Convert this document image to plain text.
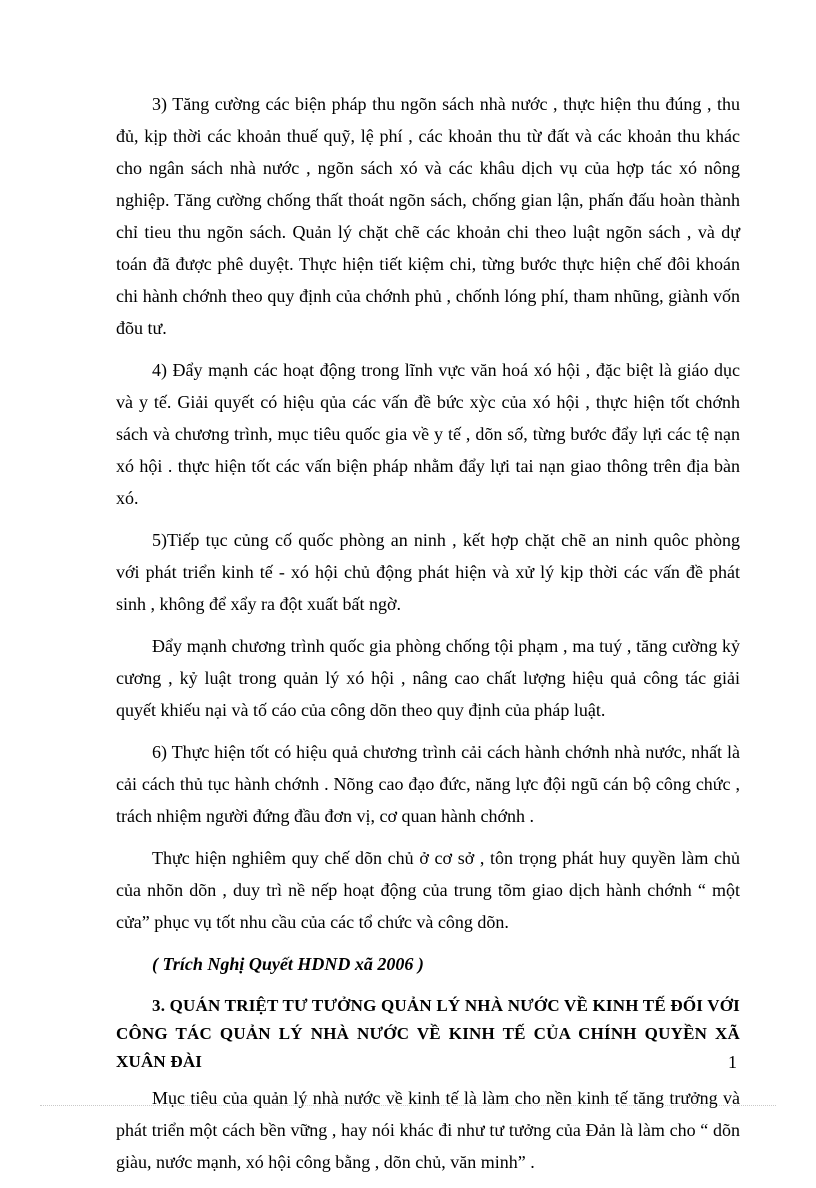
3) Tăng cường các biện pháp thu ngõn sách nhà nước , thực hiện thu đúng , thu đủ, kịp thời các khoản thuế quỹ, lệ phí , các khoản thu từ đất và các khoản thu khác cho ngân sách nhà nước , ngõn sách xó và các khâu dịch vụ của hợp tác xó nông nghiệp. Tăng cường chống thất thoát ngõn sách, chống gian lận, phấn đấu hoàn thành chỉ tieu thu ngõn sách. Quản lý chặt chẽ các khoản chi theo luật ngõn sách , và dự toán đã được phê duyệt. Thực hiện tiết kiệm chi, từng bước thực hiện chế đôi khoán chi hành chớnh theo quy định của chớnh phủ , chốnh lóng phí, tham nhũng, giành vốn đõu tư.

4) Đẩy mạnh các hoạt động trong lĩnh vực văn hoá xó hội , đặc biệt là giáo dục và y tế. Giải quyết có hiệu qủa các vấn đề bức xỳc của xó hội , thực hiện tốt chớnh sách và chương trình, mục tiêu quốc gia về y tế , dõn số, từng bước đẩy lựi các tệ nạn xó hội . thực hiện tốt các vấn biện pháp nhằm đẩy lựi tai nạn giao thông trên địa bàn xó.

5)Tiếp tục củng cố quốc phòng an ninh , kết hợp chặt chẽ an ninh quôc phòng với phát triển kinh tế - xó hội chủ động phát hiện và xử lý kịp thời các vấn đề phát sinh , không để xẩy ra đột xuất bất ngờ.

Đẩy mạnh chương trình quốc gia phòng chống tội phạm , ma tuý , tăng cường kỷ cương , kỷ luật trong quản lý xó hội , nâng cao chất lượng hiệu quả công tác giải quyết khiếu nại và tố cáo của công dõn theo quy định của pháp luật.

6) Thực hiện tốt có hiệu quả chương trình cải cách hành chớnh nhà nước, nhất là cải cách thủ tục hành chớnh . Nõng cao đạo đức, năng lực đội ngũ cán bộ công chức , trách nhiệm người đứng đầu đơn vị, cơ quan hành chớnh .

Thực hiện nghiêm quy chế dõn chủ ở cơ sở , tôn trọng phát huy quyền làm chủ của nhõn dõn , duy trì nề nếp hoạt động của trung tõm giao dịch hành chớnh “ một cửa” phục vụ tốt nhu cầu của các tổ chức và công dõn.

( Trích Nghị Quyết HDND xã 2006 )

3. QUÁN TRIỆT TƯ TƯỞNG QUẢN LÝ NHÀ NƯỚC VỀ KINH TẾ ĐỐI VỚI CÔNG TÁC QUẢN LÝ NHÀ NƯỚC VỀ KINH TẾ CỦA CHÍNH QUYỀN XÃ XUÂN ĐÀI

Mục tiêu của quản lý nhà nước về kinh tế là làm cho nền kinh tế tăng trưởng và phát triển một cách bền vững , hay nói khác đi như tư tưởng của Đản là làm cho “ dõn giàu, nước mạnh, xó hội công bằng , dõn chủ, văn minh” .

1
